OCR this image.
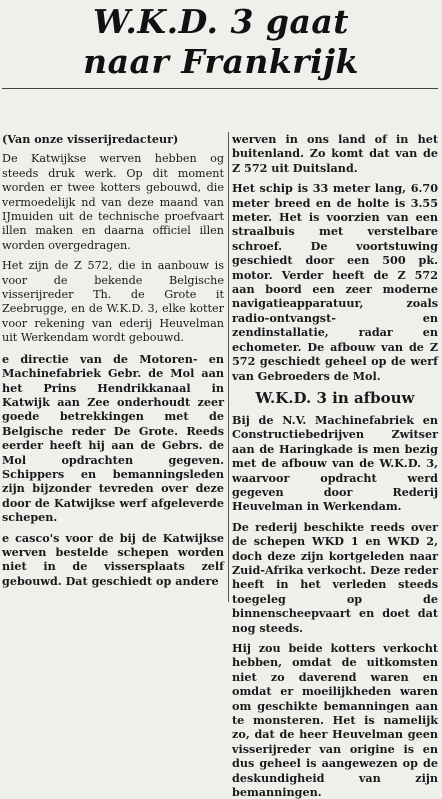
W.K.D. 3 gaat
naar Frankrijk

(Van onze visserijredacteur)

De Katwijkse werven hebben og steeds druk werk. Op dit moment worden er twee kotters gebouwd, die vermoedelijk nd van deze maand van IJmuiden uit de technische proefvaart illen maken en daarna officiel illen worden overgedragen.

Het zijn de Z 572, die in aanbouw is voor de bekende Belgische visserijreder Th. de Grote it Zeebrugge, en de W.K.D. 3, elke kotter voor rekening van ederij Heuvelman uit Werkendam wordt gebouwd.

e directie van de Motoren- en Machinefabriek Gebr. de Mol aan het Prins Hendrikkanaal in Katwijk aan Zee onderhoudt zeer goede betrekkingen met de Belgische reder De Grote. Reeds eerder heeft hij aan de Gebrs. de Mol opdrachten gegeven. Schippers en bemanningsleden zijn bijzonder tevreden over deze door de Katwijkse werf afgeleverde schepen.

e casco's voor de bij de Katwijkse werven bestelde schepen worden niet in de vissersplaats zelf gebouwd. Dat geschiedt op andere

werven in ons land of in het buitenland. Zo komt dat van de Z 572 uit Duitsland.

Het schip is 33 meter lang, 6.70 meter breed en de holte is 3.55 meter. Het is voorzien van een straalbuis met verstelbare schroef. De voortstuwing geschiedt door een 500 pk. motor. Verder heeft de Z 572 aan boord een zeer moderne navigatieapparatuur, zoals radio-ontvangst- en zendinstallatie, radar en echometer. De afbouw van de Z 572 geschiedt geheel op de werf van Gebroeders de Mol.

W.K.D. 3 in afbouw

Bij de N.V. Machinefabriek en Constructiebedrijven Zwitser aan de Haringkade is men bezig met de afbouw van de W.K.D. 3, waarvoor opdracht werd gegeven door Rederij Heuvelman in Werkendam.

De rederij beschikte reeds over de schepen WKD 1 en WKD 2, doch deze zijn kortgeleden naar Zuid-Afrika verkocht. Deze reder heeft in het verleden steeds toegeleg op de binnenscheepvaart en doet dat nog steeds.

Hij zou beide kotters verkocht hebben, omdat de uitkomsten niet zo daverend waren en omdat er moeilijkheden waren om geschikte bemanningen aan te monsteren. Het is namelijk zo, dat de heer Heuvelman geen visserijreder van origine is en dus geheel is aangewezen op de deskundigheid van zijn bemanningen.
